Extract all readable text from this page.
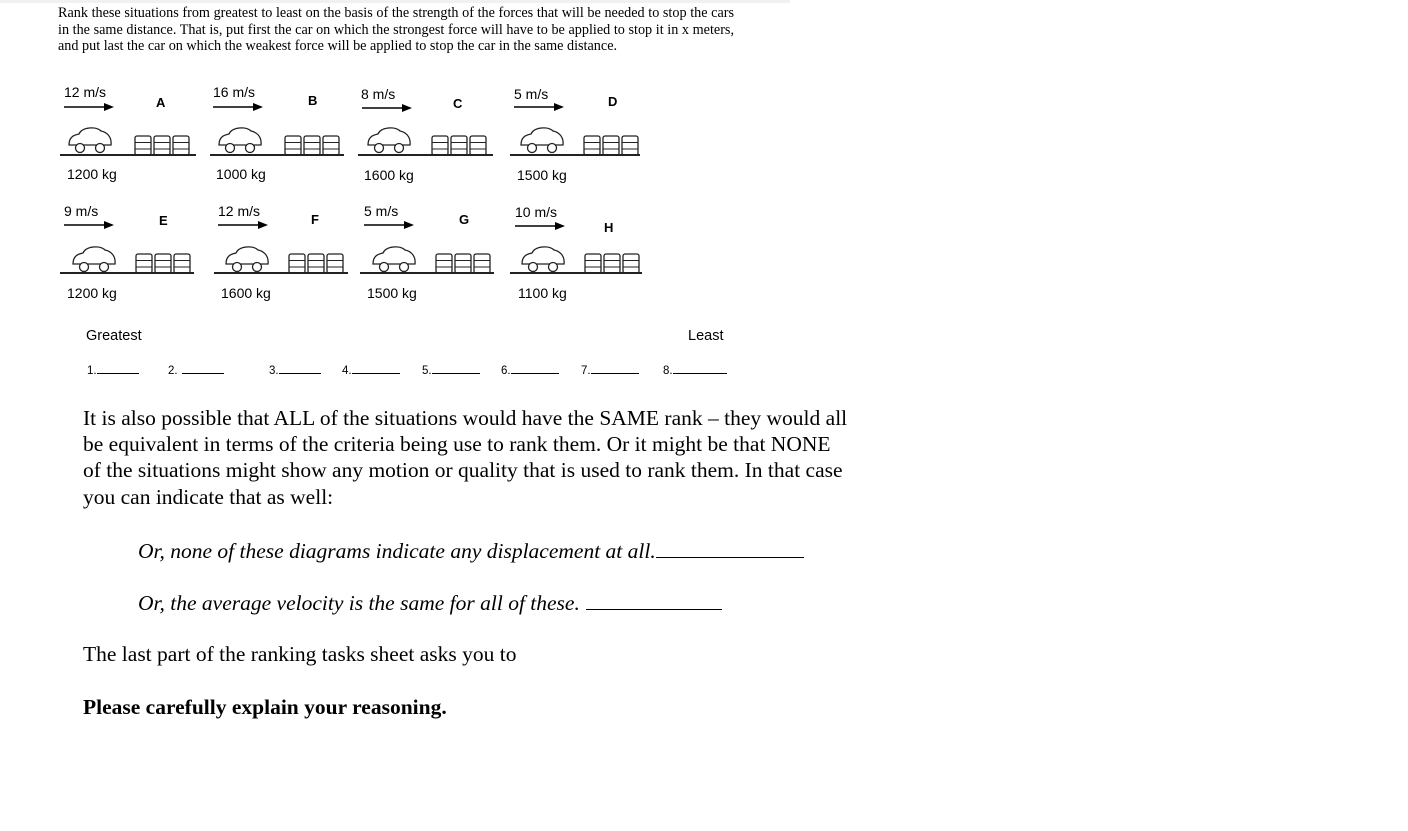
Rank these situations from greatest to least on the basis of the strength of the forces that will be needed to stop the cars in the same distance. That is, put first the car on which the strongest force will have to be applied to stop it in x meters, and put last the car on which the weakest force will be applied to stop the car in the same distance.
12 m/s
A
1200 kg
16 m/s
B
1000 kg
8 m/s
C
1600 kg
5 m/s	D
1500 kg
9 m/s
E
1200 kg
12 m/s
F
1600 kg
5 m/s
G
1500 kg
10 m/s
H
1100 kg
Greatest	Least
1.	2.	3.	4.	5.	6.	7.	8.
It is also possible that ALL of the situations would have the SAME rank – they would all be equivalent in terms of the criteria being use to rank them. Or it might be that NONE of the situations might show any motion or quality that is used to rank them. In that case you can indicate that as well:
Or, none of these diagrams indicate any displacement at all.
Or, the average velocity is the same for all of these.
The last part of the ranking tasks sheet asks you to
Please carefully explain your reasoning.
